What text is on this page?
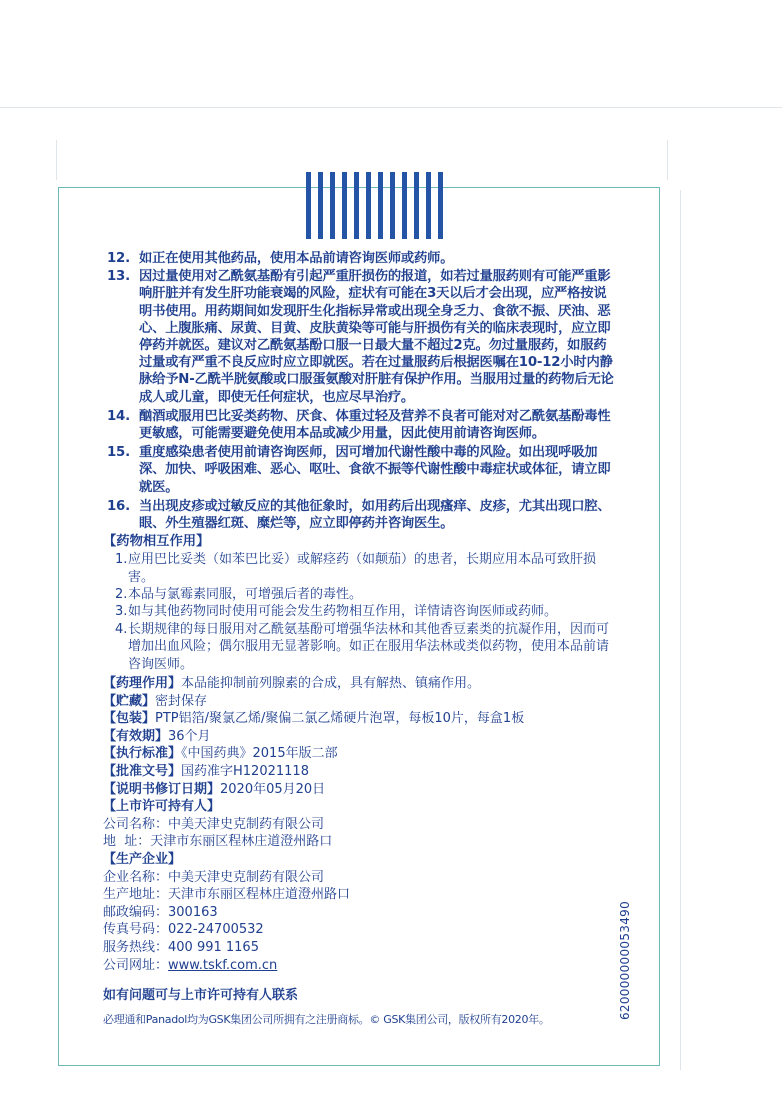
12. 如正在使用其他药品，使用本品前请咨询医师或药师。
13. 因过量使用对乙酰氨基酚有引起严重肝损伤的报道，如若过量服药则有可能严重影响肝脏并有发生肝功能衰竭的风险，症状有可能在3天以后才会出现，应严格按说明书使用。用药期间如发现肝生化指标异常或出现全身乏力、食欲不振、厌油、恶心、上腹胀痛、尿黄、目黄、皮肤黄染等可能与肝损伤有关的临床表现时，应立即停药并就医。建议对乙酰氨基酚口服一日最大量不超过2克。勿过量服药，如服药过量或有严重不良反应时应立即就医。若在过量服药后根据医嘱在10-12小时内静脉给予N-乙酰半胱氨酸或口服蛋氨酸对肝脏有保护作用。当服用过量的药物后无论成人或儿童，即使无任何症状，也应尽早治疗。
14. 酗酒或服用巴比妥类药物、厌食、体重过轻及营养不良者可能对对乙酰氨基酚毒性更敏感，可能需要避免使用本品或减少用量，因此使用前请咨询医师。
15. 重度感染患者使用前请咨询医师，因可增加代谢性酸中毒的风险。如出现呼吸加深、加快、呼吸困难、恶心、呕吐、食欲不振等代谢性酸中毒症状或体征，请立即就医。
16. 当出现皮疹或过敏反应的其他征象时，如用药后出现瘙痒、皮疹，尤其出现口腔、眼、外生殖器红斑、糜烂等，应立即停药并咨询医生。
【药物相互作用】
1. 应用巴比妥类（如苯巴比妥）或解痉药（如颠茄）的患者，长期应用本品可致肝损害。
2. 本品与氯霉素同服，可增强后者的毒性。
3. 如与其他药物同时使用可能会发生药物相互作用，详情请咨询医师或药师。
4. 长期规律的每日服用对乙酰氨基酚可增强华法林和其他香豆素类的抗凝作用，因而可增加出血风险；偶尔服用无显著影响。如正在服用华法林或类似药物，使用本品前请咨询医师。
【药理作用】本品能抑制前列腺素的合成，具有解热、镇痛作用。
【贮藏】密封保存
【包装】PTP铝箔/聚氯乙烯/聚偏二氯乙烯硬片泡罩，每板10片，每盒1板
【有效期】36个月
【执行标准】《中国药典》2015年版二部
【批准文号】国药准字H12021118
【说明书修订日期】2020年05月20日
【上市许可持有人】
公司名称：中美天津史克制药有限公司
地  址：天津市东丽区程林庄道澄州路口
【生产企业】
企业名称：中美天津史克制药有限公司
生产地址：天津市东丽区程林庄道澄州路口
邮政编码：300163
传真号码：022-24700532
服务热线：400 991 1165
公司网址：www.tskf.com.cn
如有问题可与上市许可持有人联系
必理通和Panadol均为GSK集团公司所拥有之注册商标。© GSK集团公司，版权所有2020年。	620000000053490
